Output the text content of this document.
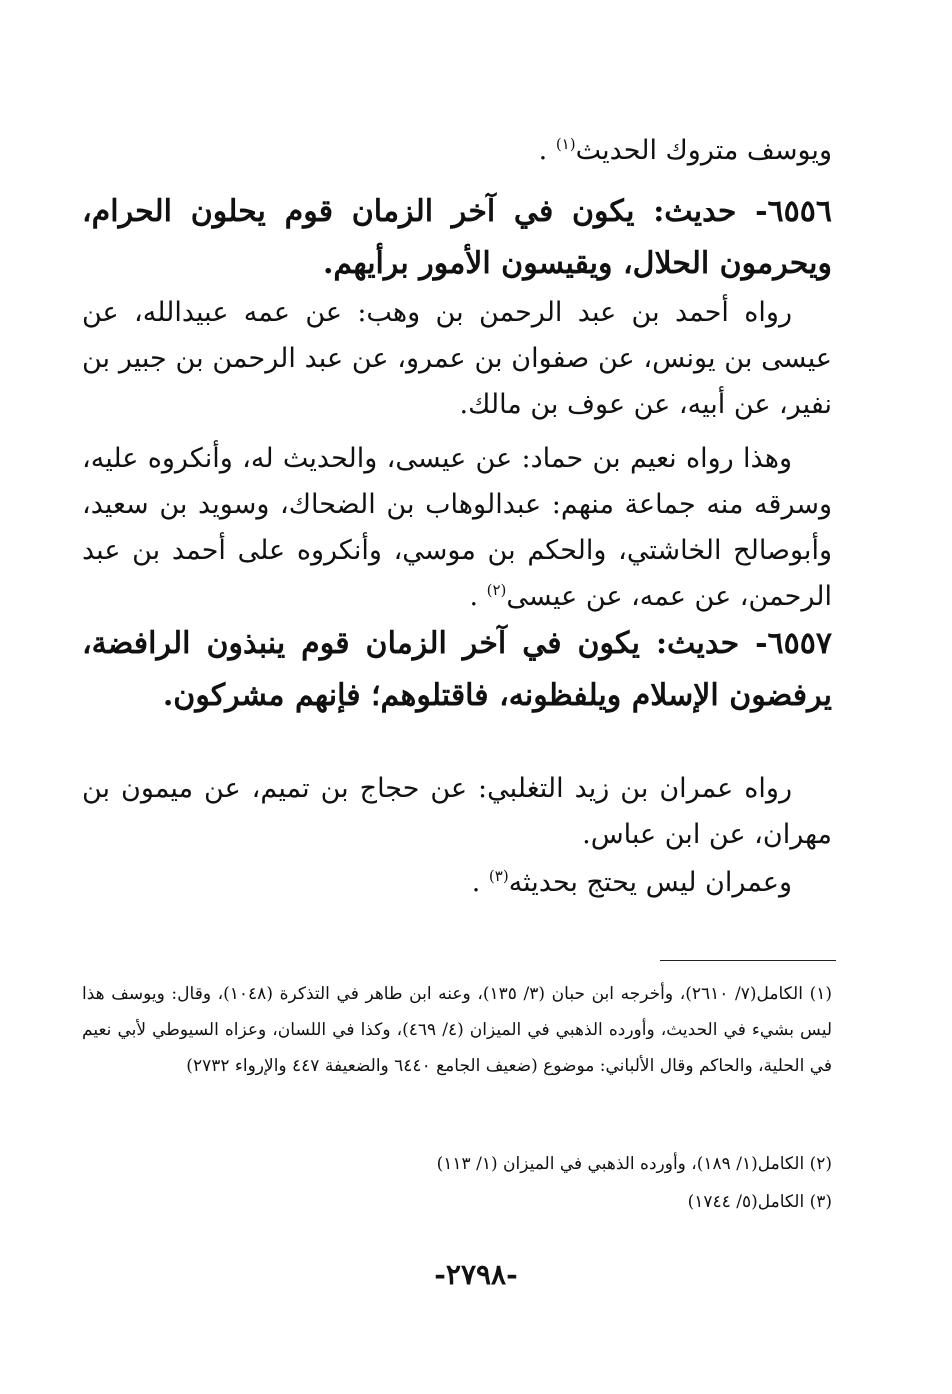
ويوسف متروك الحديث$^{(١)}$ .

٦٥٥٦- حديث: يكون في آخر الزمان قوم يحلون الحرام، ويحرمون الحلال، ويقيسون الأمور برأيهم.

رواه أحمد بن عبد الرحمن بن وهب: عن عمه عبيدالله، عن عيسى بن يونس، عن صفوان بن عمرو، عن عبد الرحمن بن جبير بن نفير، عن أبيه، عن عوف بن مالك.

وهذا رواه نعيم بن حماد: عن عيسى، والحديث له، وأنكروه عليه، وسرقه منه جماعة منهم: عبدالوهاب بن الضحاك، وسويد بن سعيد، وأبوصالح الخاشتي، والحكم بن موسي، وأنكروه على أحمد بن عبد الرحمن، عن عمه، عن عيسى$^{(٢)}$ .

٦٥٥٧- حديث: يكون في آخر الزمان قوم ينبذون الرافضة، يرفضون الإسلام ويلفظونه، فاقتلوهم؛ فإنهم مشركون.

رواه عمران بن زيد التغلبي: عن حجاج بن تميم، عن ميمون بن مهران، عن ابن عباس.

وعمران ليس يحتج بحديثه$^{(٣)}$ .

(١) الكامل(٧/ ٢٦١٠)، وأخرجه ابن حبان (٣/ ١٣٥)، وعنه ابن طاهر في التذكرة (١٠٤٨)، وقال: ويوسف هذا ليس بشيء في الحديث، وأورده الذهبي في الميزان (٤/ ٤٦٩)، وكذا في اللسان، وعزاه السيوطي لأبي نعيم في الحلية، والحاكم وقال الألباني: موضوع (ضعيف الجامع ٦٤٤٠ والضعيفة ٤٤٧ والإرواء ٢٧٣٢)

(٢) الكامل(١/ ١٨٩)، وأورده الذهبي في الميزان (١/ ١١٣)

(٣) الكامل(٥/ ١٧٤٤)

-٢٧٩٨-
